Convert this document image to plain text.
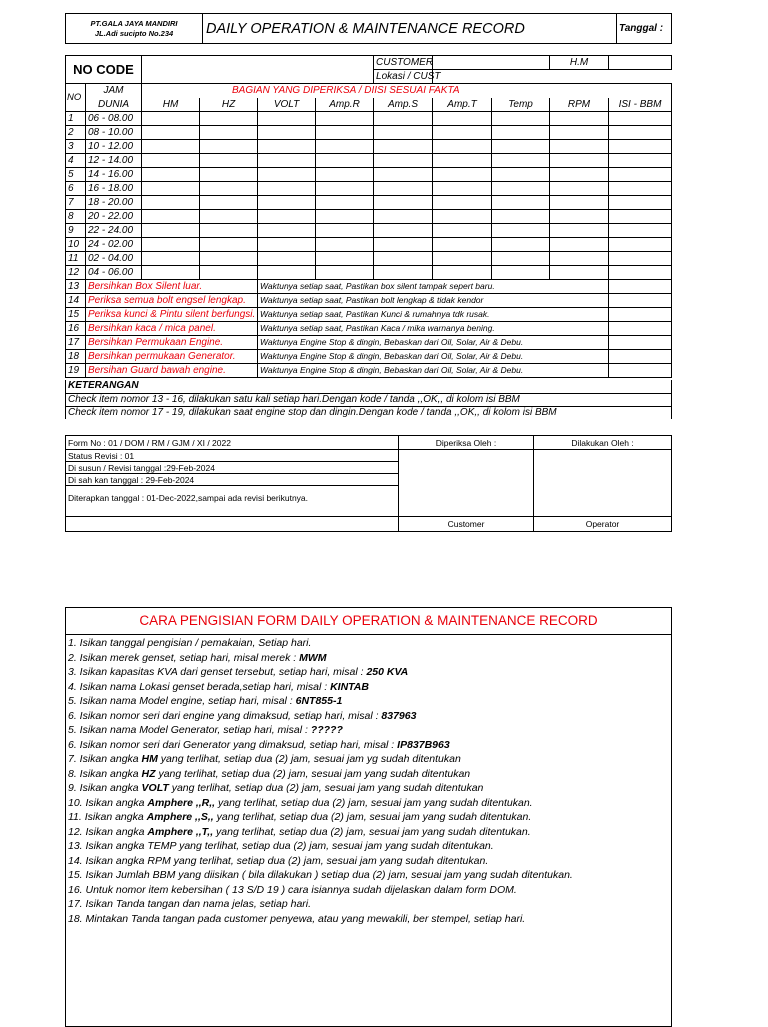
PT.GALA JAYA MANDIRI
JL.Adi sucipto No.234	DAILY OPERATION & MAINTENANCE RECORD	Tanggal :
NO CODE						CUSTOMER			H.M	
						Lokasi / CUST				
NO	JAM	BAGIAN YANG DIPERIKSA / DIISI SESUAI FAKTA								
	DUNIA	HM	HZ	VOLT	Amp.R	Amp.S	Amp.T	Temp	RPM	ISI - BBM
1	06 - 08.00									
2	08 - 10.00									
3	10 - 12.00									
4	12 - 14.00									
5	14 - 16.00									
6	16 - 18.00									
7	18 - 20.00									
8	20 - 22.00									
9	22 - 24.00									
10	24 - 02.00									
11	02 - 04.00									
12	04 - 06.00									
13	Bersihkan Box Silent luar.			Waktunya setiap saat, Pastikan box silent tampak sepert baru.						
14	Periksa semua bolt engsel lengkap.			Waktunya setiap saat, Pastikan bolt lengkap & tidak kendor						
15	Periksa kunci & Pintu silent berfungsi.			Waktunya setiap saat, Pastikan Kunci & rumahnya tdk rusak.						
16	Bersihkan kaca / mica panel.			Waktunya setiap saat, Pastikan Kaca / mika warnanya bening.						
17	Bersihkan Permukaan Engine.			Waktunya Engine Stop & dingin, Bebaskan dari Oil, Solar, Air & Debu.						
18	Bersihkan permukaan Generator.			Waktunya Engine Stop & dingin, Bebaskan dari Oil, Solar, Air & Debu.						
19	Bersihan Guard bawah engine.			Waktunya Engine Stop & dingin, Bebaskan dari Oil, Solar, Air & Debu.						
KETERANGAN
Check item nomor 13 - 16, dilakukan satu kali setiap hari.Dengan kode / tanda ,,OK,, di kolom isi BBM
Check item nomor 17 - 19, dilakukan saat engine stop dan dingin.Dengan kode / tanda ,,OK,, di kolom isi BBM
Form No : 01 / DOM / RM / GJM / XI / 2022	Diperiksa Oleh :	Dilakukan Oleh :
Status Revisi : 01		
Di susun / Revisi tanggal :29-Feb-2024		
Di sah kan tanggal : 29-Feb-2024		
Diterapkan tanggal : 01-Dec-2022,sampai ada revisi berikutnya.		
	Customer	Operator
CARA PENGISIAN FORM DAILY OPERATION & MAINTENANCE RECORD
1. Isikan tanggal pengisian / pemakaian, Setiap hari.
2. Isikan merek genset, setiap hari, misal merek : MWM
3. Isikan kapasitas KVA dari genset tersebut, setiap hari, misal : 250 KVA
4. Isikan nama Lokasi genset berada,setiap hari, misal : KINTAB
5. Isikan nama Model engine, setiap hari, misal : 6NT855-1
6. Isikan nomor seri dari engine yang dimaksud, setiap hari, misal : 837963
5. Isikan nama Model Generator, setiap hari, misal : ?????
6. Isikan nomor seri dari Generator yang dimaksud, setiap hari, misal : IP837B963
7. Isikan angka HM yang terlihat, setiap dua (2) jam, sesuai jam yg sudah ditentukan
8. Isikan angka HZ yang terlihat, setiap dua (2) jam, sesuai jam yang sudah ditentukan
9. Isikan angka VOLT yang terlihat, setiap dua (2) jam, sesuai jam yang sudah ditentukan
10. Isikan angka Amphere ,,R,, yang terlihat, setiap dua (2) jam, sesuai jam yang sudah ditentukan.
11. Isikan angka Amphere ,,S,, yang terlihat, setiap dua (2) jam, sesuai jam yang sudah ditentukan.
12. Isikan angka Amphere ,,T,, yang terlihat, setiap dua (2) jam, sesuai jam yang sudah ditentukan.
13. Isikan angka TEMP yang terlihat, setiap dua (2) jam, sesuai jam yang sudah ditentukan.
14. Isikan angka RPM yang terlihat, setiap dua (2) jam, sesuai jam yang sudah ditentukan.
15. Isikan Jumlah BBM yang diisikan ( bila dilakukan ) setiap dua (2) jam, sesuai jam yang sudah ditentukan.
16. Untuk nomor item kebersihan ( 13 S/D 19 ) cara isiannya sudah dijelaskan dalam form DOM.
17. Isikan Tanda tangan dan nama jelas, setiap hari.
18. Mintakan Tanda tangan pada customer penyewa, atau yang mewakili, ber stempel, setiap hari.
